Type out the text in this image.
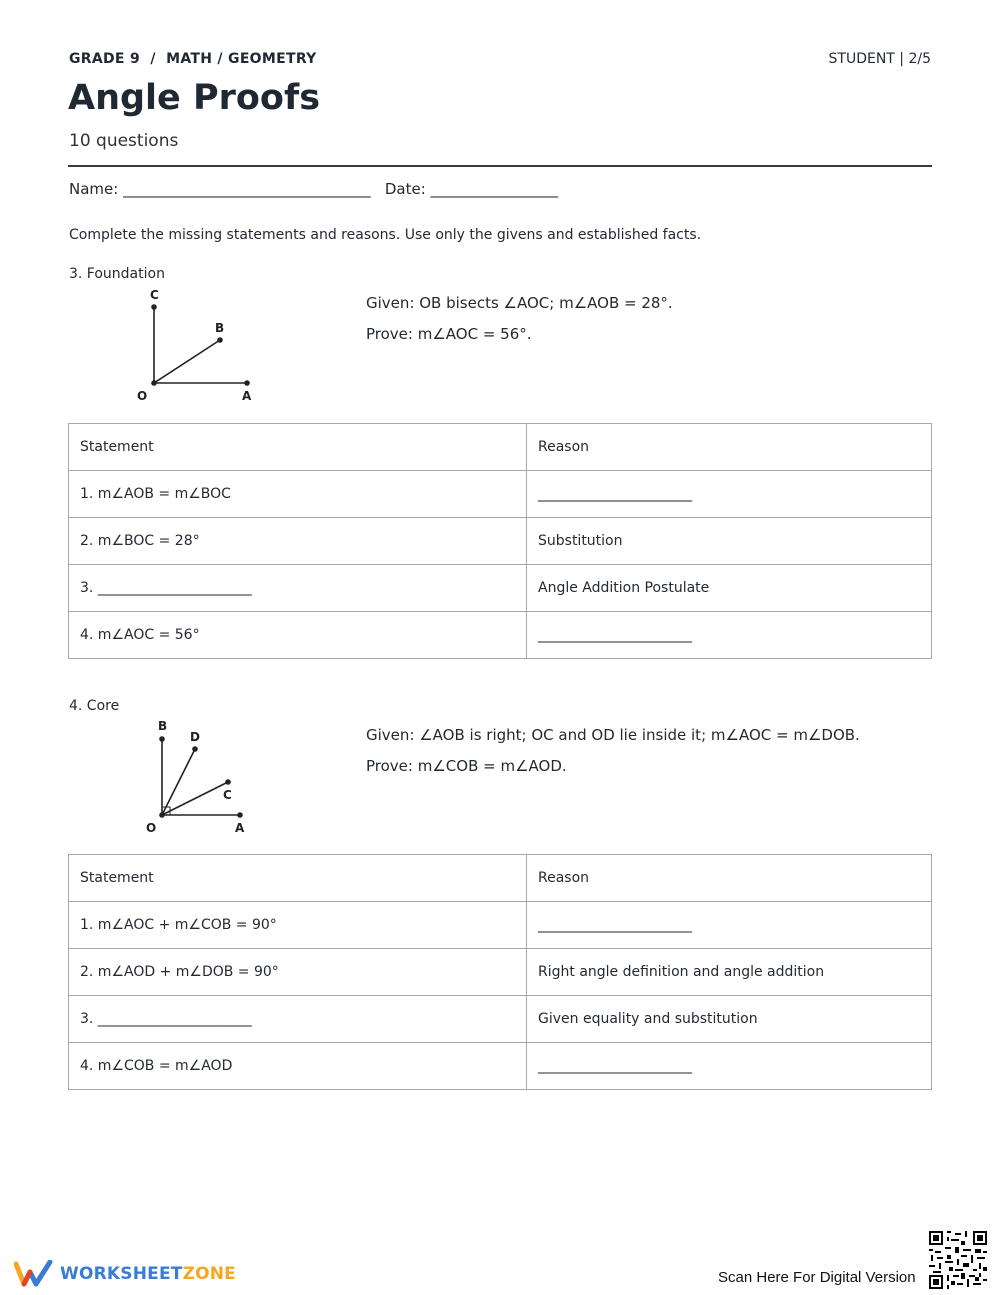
GRADE 9  /  MATH / GEOMETRY	STUDENT | 2/5
Angle Proofs
10 questions
Name: _________________________________   Date: _________________
Complete the missing statements and reasons. Use only the givens and established facts.
3. Foundation
C
B
O	A
Given: OB bisects ∠AOC; m∠AOB = 28°.
Prove: m∠AOC = 56°.
Statement	Reason
1. m∠AOB = m∠BOC	______________________
2. m∠BOC = 28°	Substitution
3. ______________________	Angle Addition Postulate
4. m∠AOC = 56°	______________________
4. Core
B
D
C
O	A
Given: ∠AOB is right; OC and OD lie inside it; m∠AOC = m∠DOB.
Prove: m∠COB = m∠AOD.
Statement	Reason
1. m∠AOC + m∠COB = 90°	______________________
2. m∠AOD + m∠DOB = 90°	Right angle definition and angle addition
3. ______________________	Given equality and substitution
4. m∠COB = m∠AOD	______________________
WORKSHEETZONE	Scan Here For Digital Version
